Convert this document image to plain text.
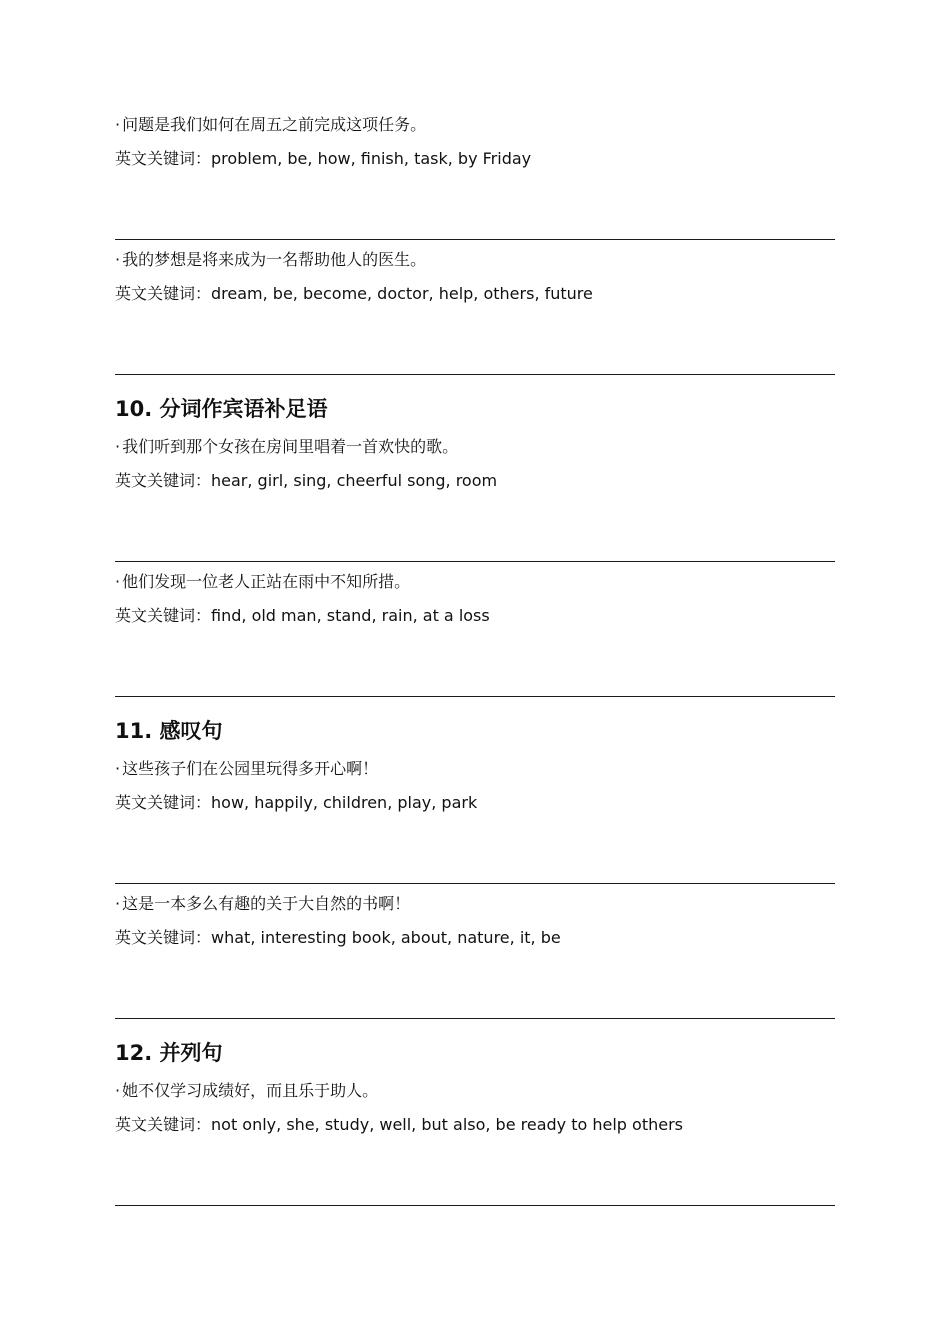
· 问题是我们如何在周五之前完成这项任务。
英文关键词：problem, be, how, finish, task, by Friday
· 我的梦想是将来成为一名帮助他人的医生。
英文关键词：dream, be, become, doctor, help, others, future
10. 分词作宾语补足语
· 我们听到那个女孩在房间里唱着一首欢快的歌。
英文关键词：hear, girl, sing, cheerful song, room
· 他们发现一位老人正站在雨中不知所措。
英文关键词：find, old man, stand, rain, at a loss
11. 感叹句
· 这些孩子们在公园里玩得多开心啊！
英文关键词：how, happily, children, play, park
· 这是一本多么有趣的关于大自然的书啊！
英文关键词：what, interesting book, about, nature, it, be
12. 并列句
· 她不仅学习成绩好，而且乐于助人。
英文关键词：not only, she, study, well, but also, be ready to help others
